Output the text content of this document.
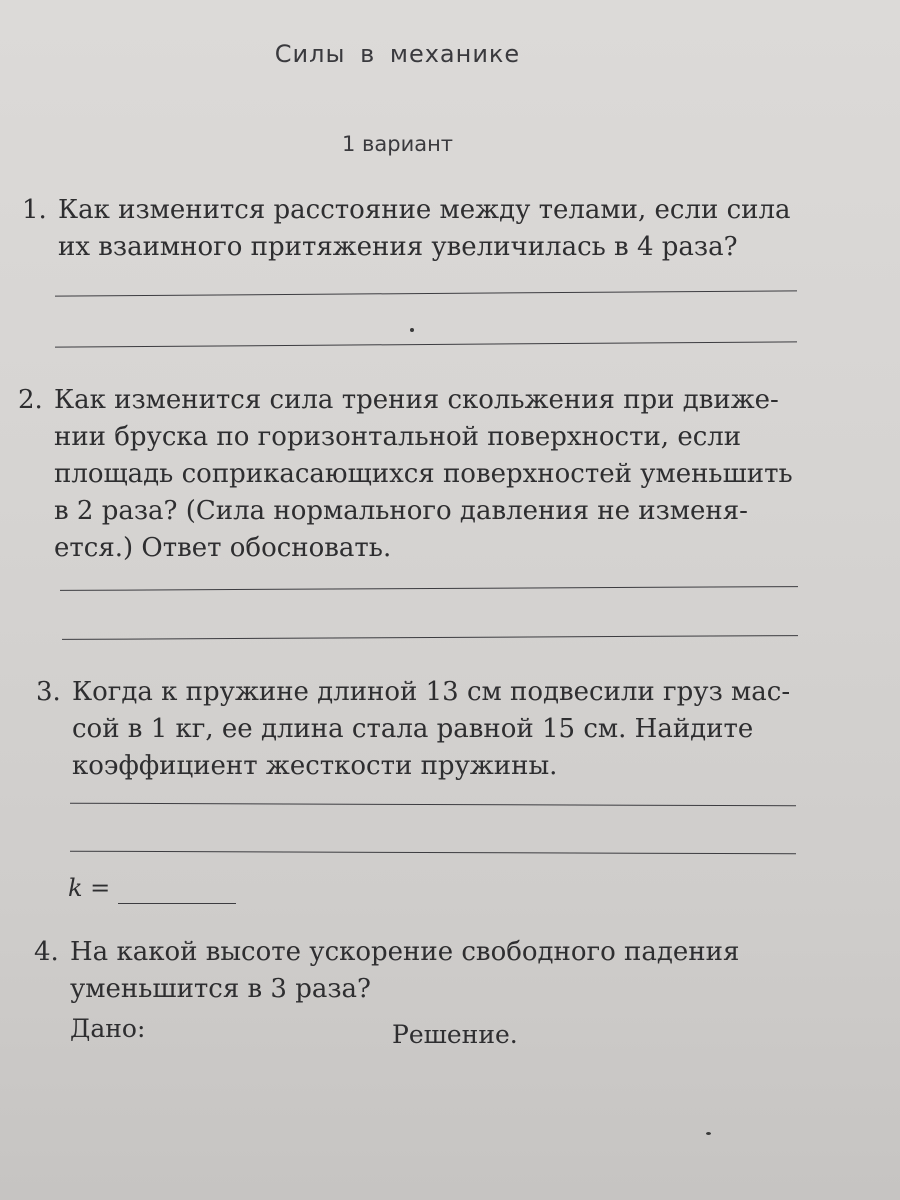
Силы в механике
1 вариант
1. Как изменится расстояние между телами, если сила
их взаимного притяжения увеличилась в 4 раза?
2. Как изменится сила трения скольжения при движе-
нии бруска по горизонтальной поверхности, если
площадь соприкасающихся поверхностей уменьшить
в 2 раза? (Сила нормального давления не изменя-
ется.) Ответ обосновать.
3. Когда к пружине длиной 13 см подвесили груз мас-
сой в 1 кг, ее длина стала равной 15 см. Найдите
коэффициент жесткости пружины.
k =
4. На какой высоте ускорение свободного падения
уменьшится в 3 раза?
Дано:	Решение.
